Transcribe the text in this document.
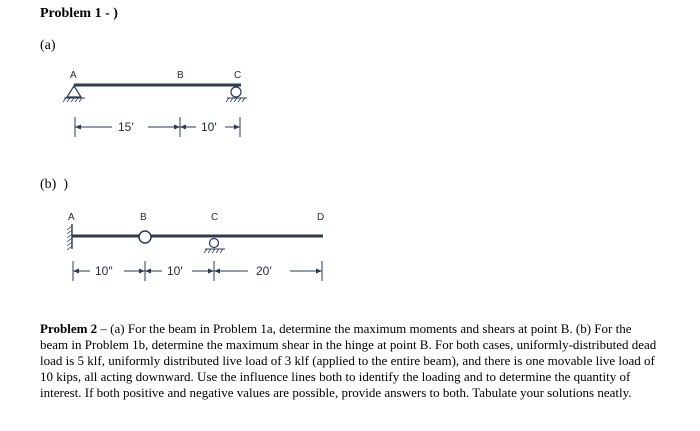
Problem 1 - )
(a)
(b) )
A	B	C
15′	10′
A	B	C	D
10″	10′	20′
Problem 2 – (a) For the beam in Problem 1a, determine the maximum moments and shears at point B. (b) For the beam in Problem 1b, determine the maximum shear in the hinge at point B. For both cases, uniformly-distributed dead load is 5 klf, uniformly distributed live load of 3 klf (applied to the entire beam), and there is one movable live load of 10 kips, all acting downward. Use the influence lines both to identify the loading and to determine the quantity of interest. If both positive and negative values are possible, provide answers to both. Tabulate your solutions neatly.
